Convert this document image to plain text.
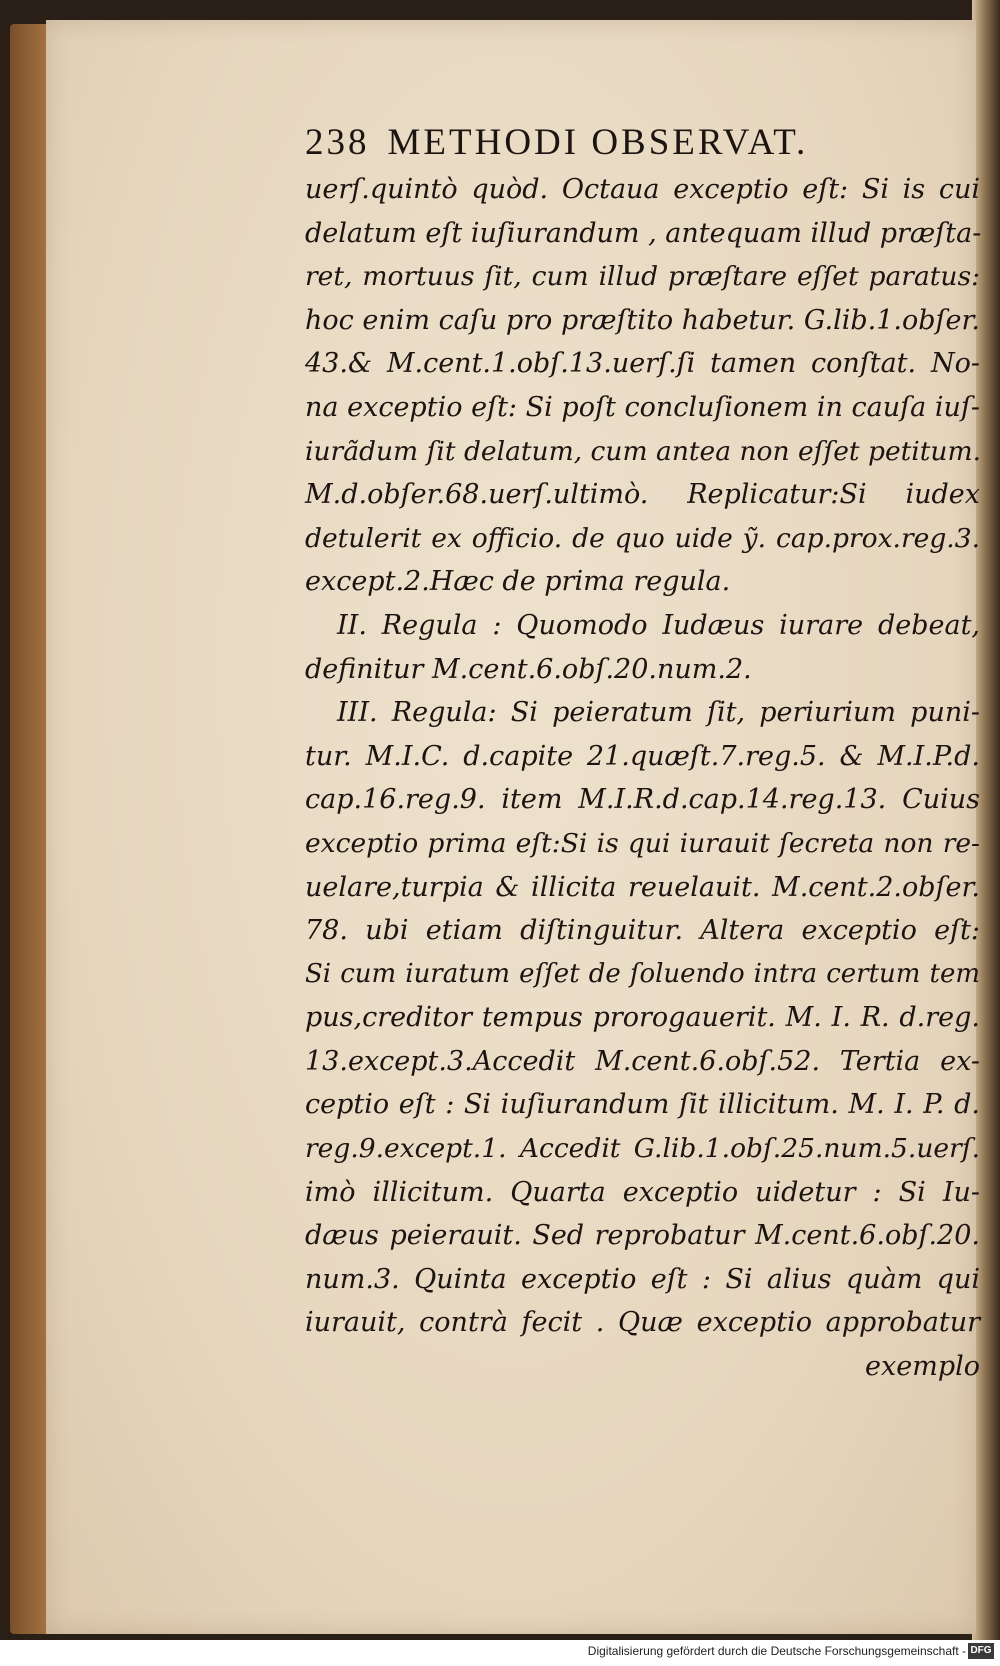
238 METHODI OBSERVAT.
uerſ.quintò quòd. Octaua exceptio eſt: Si is cui
delatum eſt iuſiurandum , antequam illud præſta-
ret, mortuus ſit, cum illud præſtare eſſet paratus:
hoc enim caſu pro præſtito habetur. G.lib.1.obſer.
43.& M.cent.1.obſ.13.uerſ.ſi tamen conſtat. No-
na exceptio eſt: Si poſt concluſionem in cauſa iuſ-
iurãdum ſit delatum, cum antea non eſſet petitum.
M.d.obſer.68.uerſ.ultimò. Replicatur:Si iudex
detulerit ex officio. de quo uide ỹ. cap.prox.reg.3.
except.2.Hæc de prima regula.
II. Regula : Quomodo Iudæus iurare debeat,
definitur M.cent.6.obſ.20.num.2.
III. Regula: Si peieratum ſit, periurium puni-
tur. M.I.C. d.capite 21.quæſt.7.reg.5. & M.I.P.d.
cap.16.reg.9. item M.I.R.d.cap.14.reg.13. Cuius
exceptio prima eſt:Si is qui iurauit ſecreta non re-
uelare,turpia & illicita reuelauit. M.cent.2.obſer.
78. ubi etiam diſtinguitur. Altera exceptio eſt:
Si cum iuratum eſſet de ſoluendo intra certum tem
pus,creditor tempus prorogauerit. M. I. R. d.reg.
13.except.3.Accedit M.cent.6.obſ.52. Tertia ex-
ceptio eſt : Si iuſiurandum ſit illicitum. M. I. P. d.
reg.9.except.1. Accedit G.lib.1.obſ.25.num.5.uerſ.
imò illicitum. Quarta exceptio uidetur : Si Iu-
dæus peierauit. Sed reprobatur M.cent.6.obſ.20.
num.3. Quinta exceptio eſt : Si alius quàm qui
iurauit, contrà fecit . Quæ exceptio approbatur
exemplo
Digitalisierung gefördert durch die Deutsche Forschungsgemeinschaft - DFG
